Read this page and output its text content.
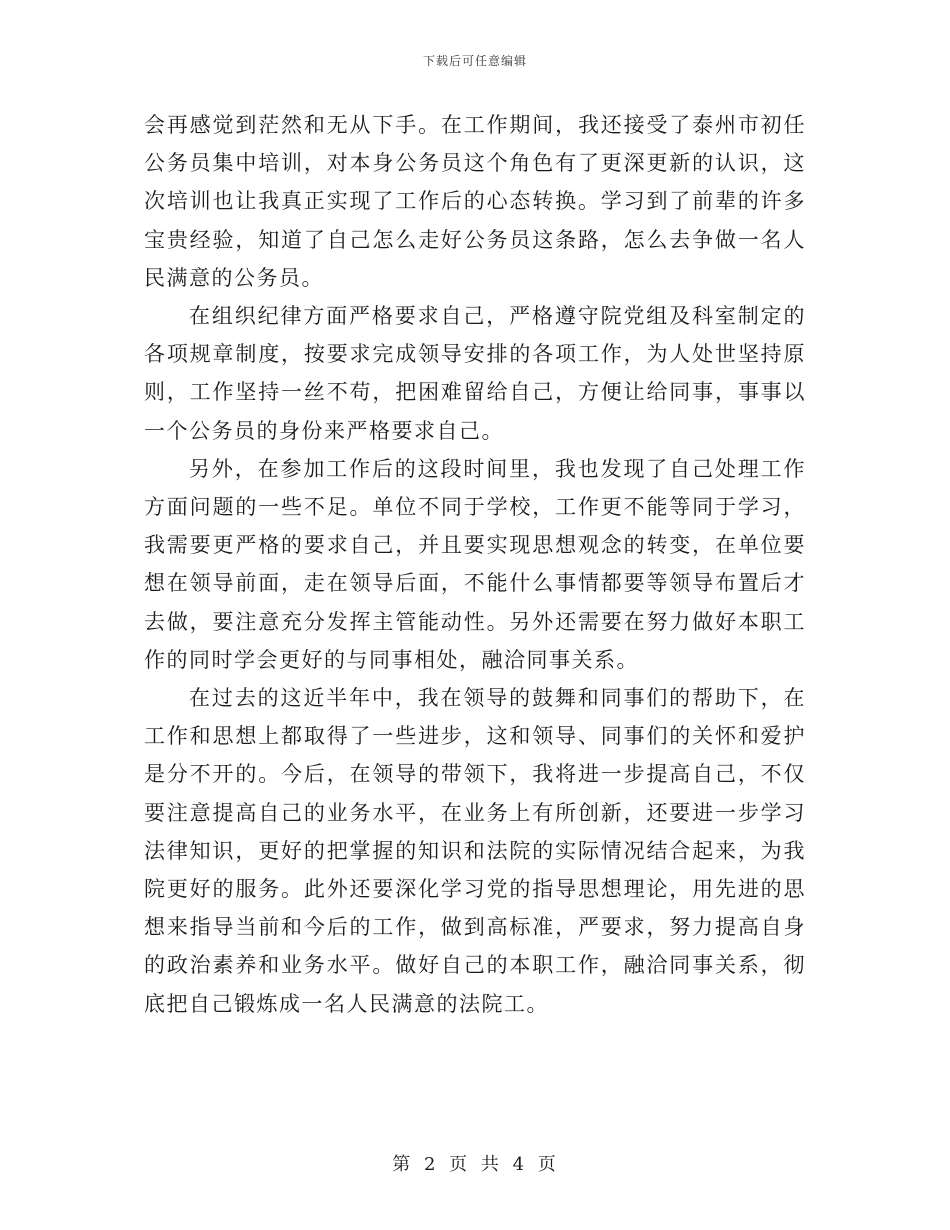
下载后可任意编辑

会再感觉到茫然和无从下手。在工作期间，我还接受了泰州市初任公务员集中培训，对本身公务员这个角色有了更深更新的认识，这次培训也让我真正实现了工作后的心态转换。学习到了前辈的许多宝贵经验，知道了自己怎么走好公务员这条路，怎么去争做一名人民满意的公务员。

在组织纪律方面严格要求自己，严格遵守院党组及科室制定的各项规章制度，按要求完成领导安排的各项工作，为人处世坚持原则，工作坚持一丝不苟，把困难留给自己，方便让给同事，事事以一个公务员的身份来严格要求自己。

另外，在参加工作后的这段时间里，我也发现了自己处理工作方面问题的一些不足。单位不同于学校，工作更不能等同于学习，我需要更严格的要求自己，并且要实现思想观念的转变，在单位要想在领导前面，走在领导后面，不能什么事情都要等领导布置后才去做，要注意充分发挥主管能动性。另外还需要在努力做好本职工作的同时学会更好的与同事相处，融洽同事关系。

在过去的这近半年中，我在领导的鼓舞和同事们的帮助下，在工作和思想上都取得了一些进步，这和领导、同事们的关怀和爱护是分不开的。今后，在领导的带领下，我将进一步提高自己，不仅要注意提高自己的业务水平，在业务上有所创新，还要进一步学习法律知识，更好的把掌握的知识和法院的实际情况结合起来，为我院更好的服务。此外还要深化学习党的指导思想理论，用先进的思想来指导当前和今后的工作，做到高标准，严要求，努力提高自身的政治素养和业务水平。做好自己的本职工作，融洽同事关系，彻底把自己锻炼成一名人民满意的法院工。

第 2 页 共 4 页
